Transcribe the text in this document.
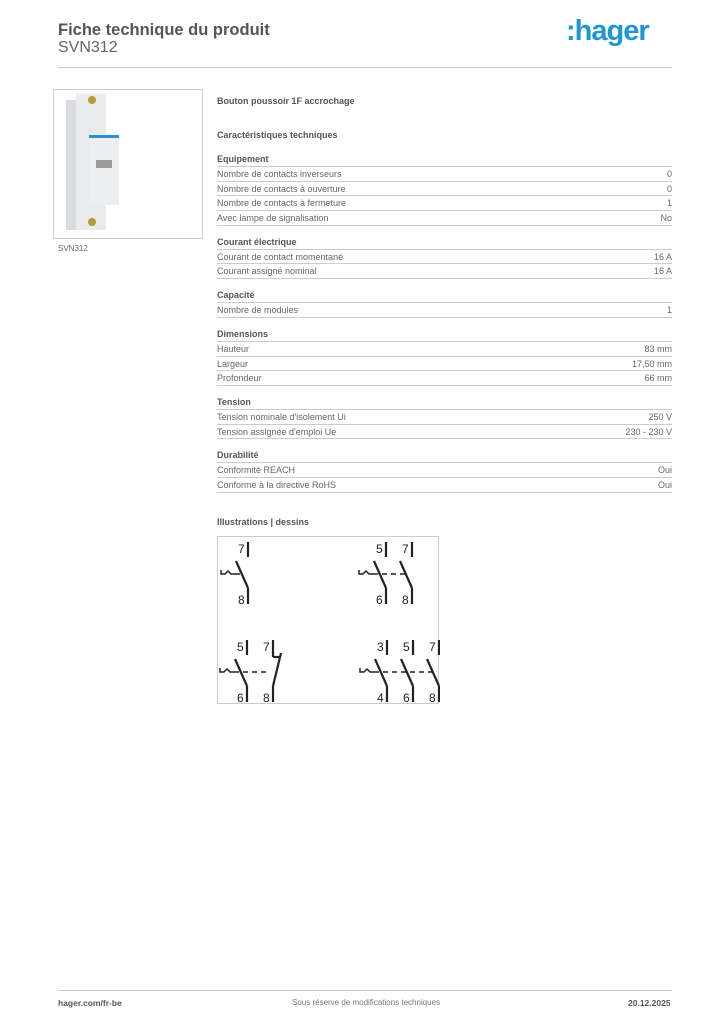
Fiche technique du produit
SVN312
:hager
SVN312
Bouton poussoir 1F accrochage
Caractéristiques techniques
Equipement
Nombre de contacts inverseurs	0
Nombre de contacts à ouverture	0
Nombre de contacts à fermeture	1
Avec lampe de signalisation	No
Courant électrique
Courant de contact momentané	16 A
Courant assigné nominal	16 A
Capacité
Nombre de modules	1
Dimensions
Hauteur	83 mm
Largeur	17,50 mm
Profondeur	66 mm
Tension
Tension nominale d'isolement Ui	250 V
Tension assignée d'emploi Ue	230 - 230 V
Durabilité
Conformité REACH	Oui
Conforme à la directive RoHS	Oui
Illustrations | dessins
7
8
5
6
7
8
5
6
7
8
3
4
5
6
7
8
hager.com/fr-be	Sous réserve de modifications techniques	20.12.2025
